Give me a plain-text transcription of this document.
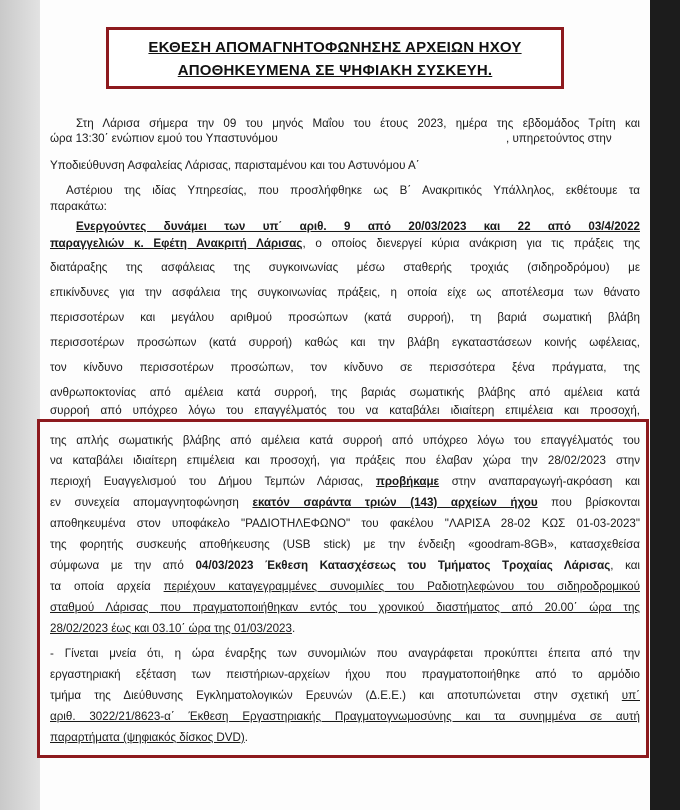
ΕΚΘΕΣΗ ΑΠΟΜΑΓΝΗΤΟΦΩΝΗΣΗΣ ΑΡΧΕΙΩΝ ΗΧΟΥ
ΑΠΟΘΗΚΕΥΜΕΝΑ ΣΕ ΨΗΦΙΑΚΗ ΣΥΣΚΕΥΗ.
Στη Λάρισα σήμερα την 09 του μηνός Μαΐου του έτους 2023, ημέρα της εβδομάδος Τρίτη και
ώρα 13:30΄ ενώπιον εμού του Υπαστυνόμου	, υπηρετούντος στην
Υποδιεύθυνση Ασφαλείας Λάρισας, παρισταμένου και του Αστυνόμου Α΄
Αστέριου της ιδίας Υπηρεσίας, που προσλήφθηκε ως Β΄ Ανακριτικός Υπάλληλος, εκθέτουμε τα
παρακάτω:
Ενεργούντες δυνάμει των υπ΄ αριθ. 9 από 20/03/2023 και 22 από 03/4/2022
παραγγελιών κ. Εφέτη Ανακριτή Λάρισας, ο οποίος διενεργεί κύρια ανάκριση για τις πράξεις της
διατάραξης της ασφάλειας της συγκοινωνίας μέσω σταθερής τροχιάς (σιδηροδρόμου) με
επικίνδυνες για την ασφάλεια της συγκοινωνίας πράξεις, η οποία είχε ως αποτέλεσμα των θάνατο
περισσοτέρων και μεγάλου αριθμού προσώπων (κατά συρροή), τη βαριά σωματική βλάβη
περισσοτέρων προσώπων (κατά συρροή) καθώς και την βλάβη εγκαταστάσεων κοινής ωφέλειας,
τον κίνδυνο περισσοτέρων προσώπων, τον κίνδυνο σε περισσότερα ξένα πράγματα, της
ανθρωποκτονίας από αμέλεια κατά συρροή, της βαριάς σωματικής βλάβης από αμέλεια κατά
συρροή από υπόχρεο λόγω του επαγγέλματός του να καταβάλει ιδιαίτερη επιμέλεια και προσοχή,
της απλής σωματικής βλάβης από αμέλεια κατά συρροή από υπόχρεο λόγω του επαγγέλματός του
να καταβάλει ιδιαίτερη επιμέλεια και προσοχή, για πράξεις που έλαβαν χώρα την 28/02/2023 στην
περιοχή Ευαγγελισμού του Δήμου Τεμπών Λάρισας, προβήκαμε στην αναπαραγωγή-ακρόαση και
εν συνεχεία απομαγνητοφώνηση εκατόν σαράντα τριών (143) αρχείων ήχου που βρίσκονται
αποθηκευμένα στον υποφάκελο "ΡΑΔΙΟΤΗΛΕΦΩΝΟ" του φακέλου "ΛΑΡΙΣΑ 28-02 ΚΩΣ 01-03-2023"
της φορητής συσκευής αποθήκευσης (USB stick) με την ένδειξη «goodram-8GB», κατασχεθείσα
σύμφωνα με την από 04/03/2023 Έκθεση Κατασχέσεως του Τμήματος Τροχαίας Λάρισας, και
τα οποία αρχεία περιέχουν καταγεγραμμένες συνομιλίες του Ραδιοτηλεφώνου του σιδηροδρομικού
σταθμού Λάρισας που πραγματοποιήθηκαν εντός του χρονικού διαστήματος από 20.00΄ ώρα της
28/02/2023 έως και 03.10΄ ώρα της 01/03/2023.
- Γίνεται μνεία ότι, η ώρα έναρξης των συνομιλιών που αναγράφεται προκύπτει έπειτα από την
εργαστηριακή εξέταση των πειστήριων-αρχείων ήχου που πραγματοποιήθηκε από το αρμόδιο
τμήμα της Διεύθυνσης Εγκληματολογικών Ερευνών (Δ.Ε.Ε.) και αποτυπώνεται στην σχετική υπ΄
αριθ. 3022/21/8623-α΄ Έκθεση Εργαστηριακής Πραγματογνωμοσύνης και τα συνημμένα σε αυτή
παραρτήματα (ψηφιακός δίσκος DVD).
